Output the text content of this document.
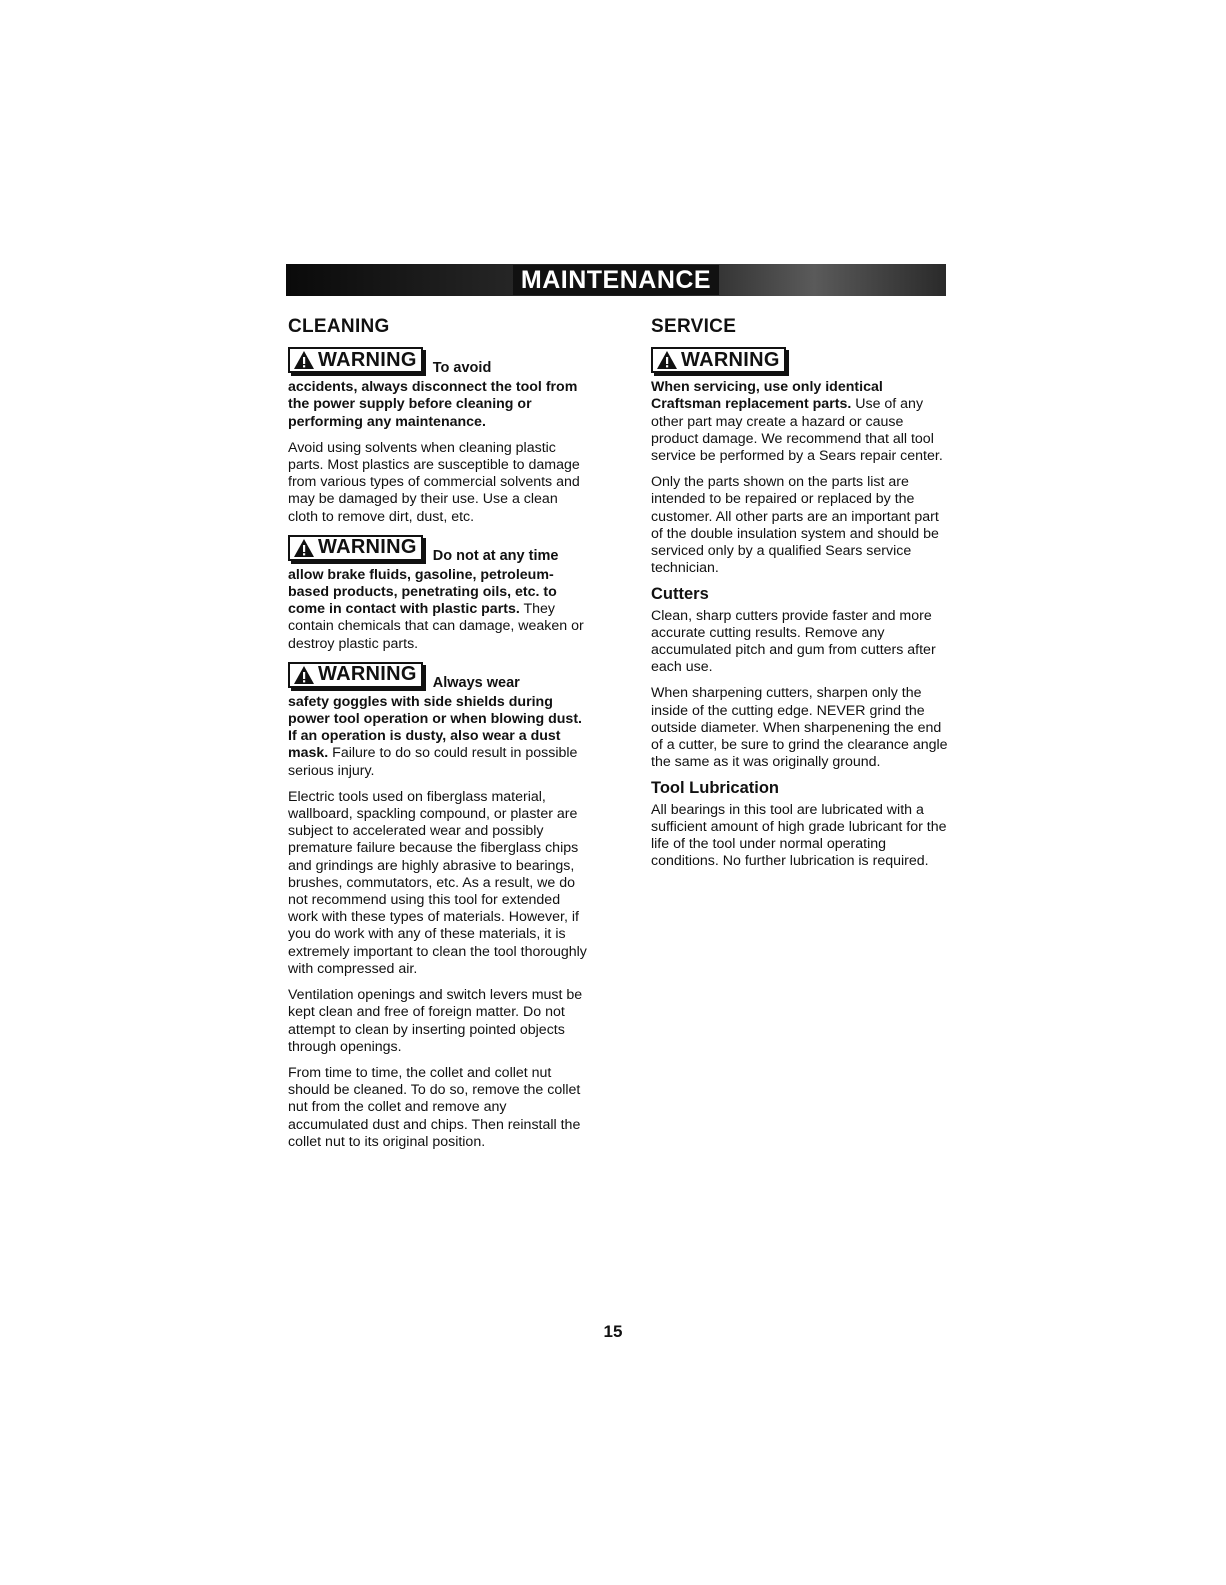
MAINTENANCE
CLEANING
WARNING To avoid
accidents, always disconnect the tool from the power supply before cleaning or performing any maintenance.

Avoid using solvents when cleaning plastic parts. Most plastics are susceptible to damage from various types of commercial solvents and may be damaged by their use. Use a clean cloth to remove dirt, dust, etc.

WARNING Do not at any time
allow brake fluids, gasoline, petroleum-based products, penetrating oils, etc. to come in contact with plastic parts. They contain chemicals that can damage, weaken or destroy plastic parts.
WARNING Always wear
safety goggles with side shields during power tool operation or when blowing dust. If an operation is dusty, also wear a dust mask. Failure to do so could result in possible serious injury.

Electric tools used on fiberglass material, wallboard, spackling compound, or plaster are subject to accelerated wear and possibly premature failure because the fiberglass chips and grindings are highly abrasive to bearings, brushes, commutators, etc. As a result, we do not recommend using this tool for extended work with these types of materials. However, if you do work with any of these materials, it is extremely important to clean the tool thoroughly with compressed air.

Ventilation openings and switch levers must be kept clean and free of foreign matter. Do not attempt to clean by inserting pointed objects through openings.

From time to time, the collet and collet nut should be cleaned. To do so, remove the collet nut from the collet and remove any accumulated dust and chips. Then reinstall the collet nut to its original position.

SERVICE
WARNING
When servicing, use only identical Craftsman replacement parts. Use of any other part may create a hazard or cause product damage. We recommend that all tool service be performed by a Sears repair center.

Only the parts shown on the parts list are intended to be repaired or replaced by the customer. All other parts are an important part of the double insulation system and should be serviced only by a qualified Sears service technician.

Cutters

Clean, sharp cutters provide faster and more accurate cutting results. Remove any accumulated pitch and gum from cutters after each use.

When sharpening cutters, sharpen only the inside of the cutting edge. NEVER grind the outside diameter. When sharpenening the end of a cutter, be sure to grind the clearance angle the same as it was originally ground.

Tool Lubrication

All bearings in this tool are lubricated with a sufficient amount of high grade lubricant for the life of the tool under normal operating conditions. No further lubrication is required.

15
